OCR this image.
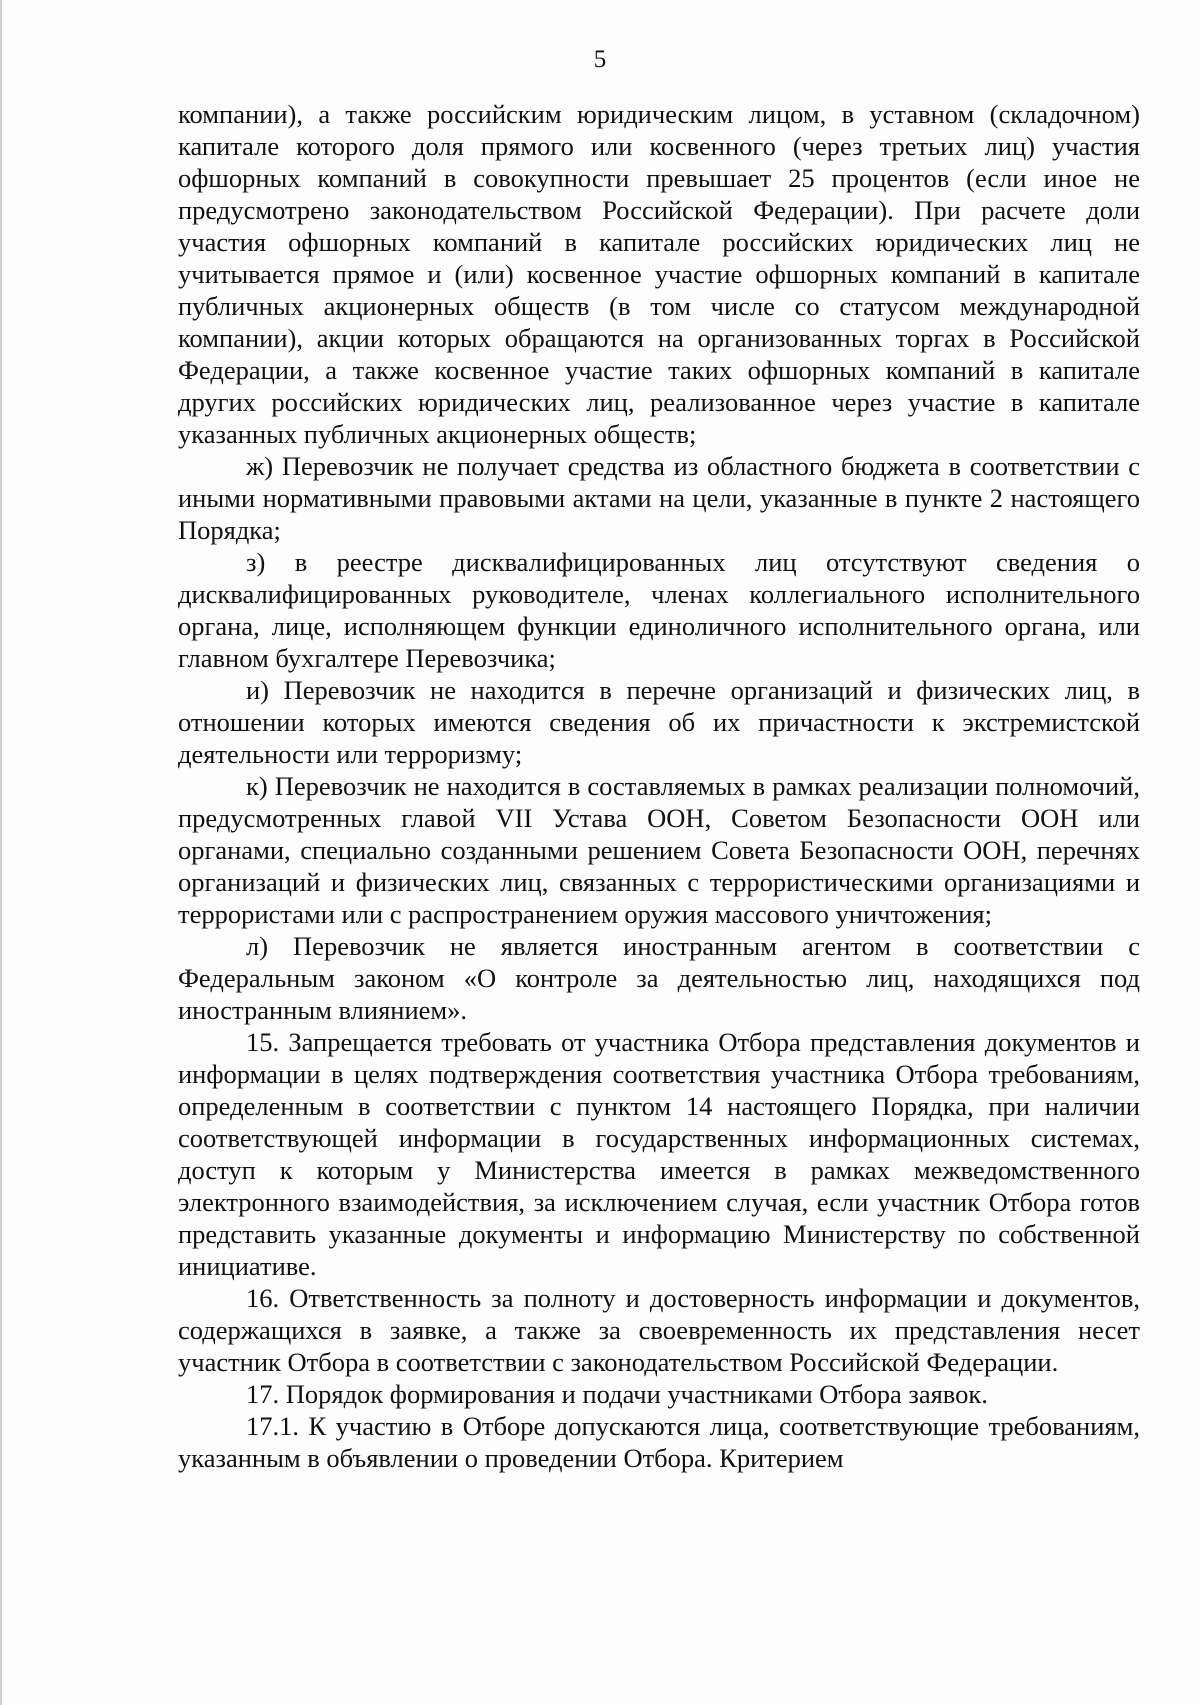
5

компании), а также российским юридическим лицом, в уставном (складочном) капитале которого доля прямого или косвенного (через третьих лиц) участия офшорных компаний в совокупности превышает 25 процентов (если иное не предусмотрено законодательством Российской Федерации). При расчете доли участия офшорных компаний в капитале российских юридических лиц не учитывается прямое и (или) косвенное участие офшорных компаний в капитале публичных акционерных обществ (в том числе со статусом международной компании), акции которых обращаются на организованных торгах в Российской Федерации, а также косвенное участие таких офшорных компаний в капитале других российских юридических лиц, реализованное через участие в капитале указанных публичных акционерных обществ;

ж) Перевозчик не получает средства из областного бюджета в соответствии с иными нормативными правовыми актами на цели, указанные в пункте 2 настоящего Порядка;

з) в реестре дисквалифицированных лиц отсутствуют сведения о дисквалифицированных руководителе, членах коллегиального исполнительного органа, лице, исполняющем функции единоличного исполнительного органа, или главном бухгалтере Перевозчика;

и) Перевозчик не находится в перечне организаций и физических лиц, в отношении которых имеются сведения об их причастности к экстремистской деятельности или терроризму;

к) Перевозчик не находится в составляемых в рамках реализации полномочий, предусмотренных главой VII Устава ООН, Советом Безопасности ООН или органами, специально созданными решением Совета Безопасности ООН, перечнях организаций и физических лиц, связанных с террористическими организациями и террористами или с распространением оружия массового уничтожения;

л) Перевозчик не является иностранным агентом в соответствии с Федеральным законом «О контроле за деятельностью лиц, находящихся под иностранным влиянием».

15. Запрещается требовать от участника Отбора представления документов и информации в целях подтверждения соответствия участника Отбора требованиям, определенным в соответствии с пунктом 14 настоящего Порядка, при наличии соответствующей информации в государственных информационных системах, доступ к которым у Министерства имеется в рамках межведомственного электронного взаимодействия, за исключением случая, если участник Отбора готов представить указанные документы и информацию Министерству по собственной инициативе.

16. Ответственность за полноту и достоверность информации и документов, содержащихся в заявке, а также за своевременность их представления несет участник Отбора в соответствии с законодательством Российской Федерации.

17. Порядок формирования и подачи участниками Отбора заявок.

17.1. К участию в Отборе допускаются лица, соответствующие требованиям, указанным в объявлении о проведении Отбора. Критерием
